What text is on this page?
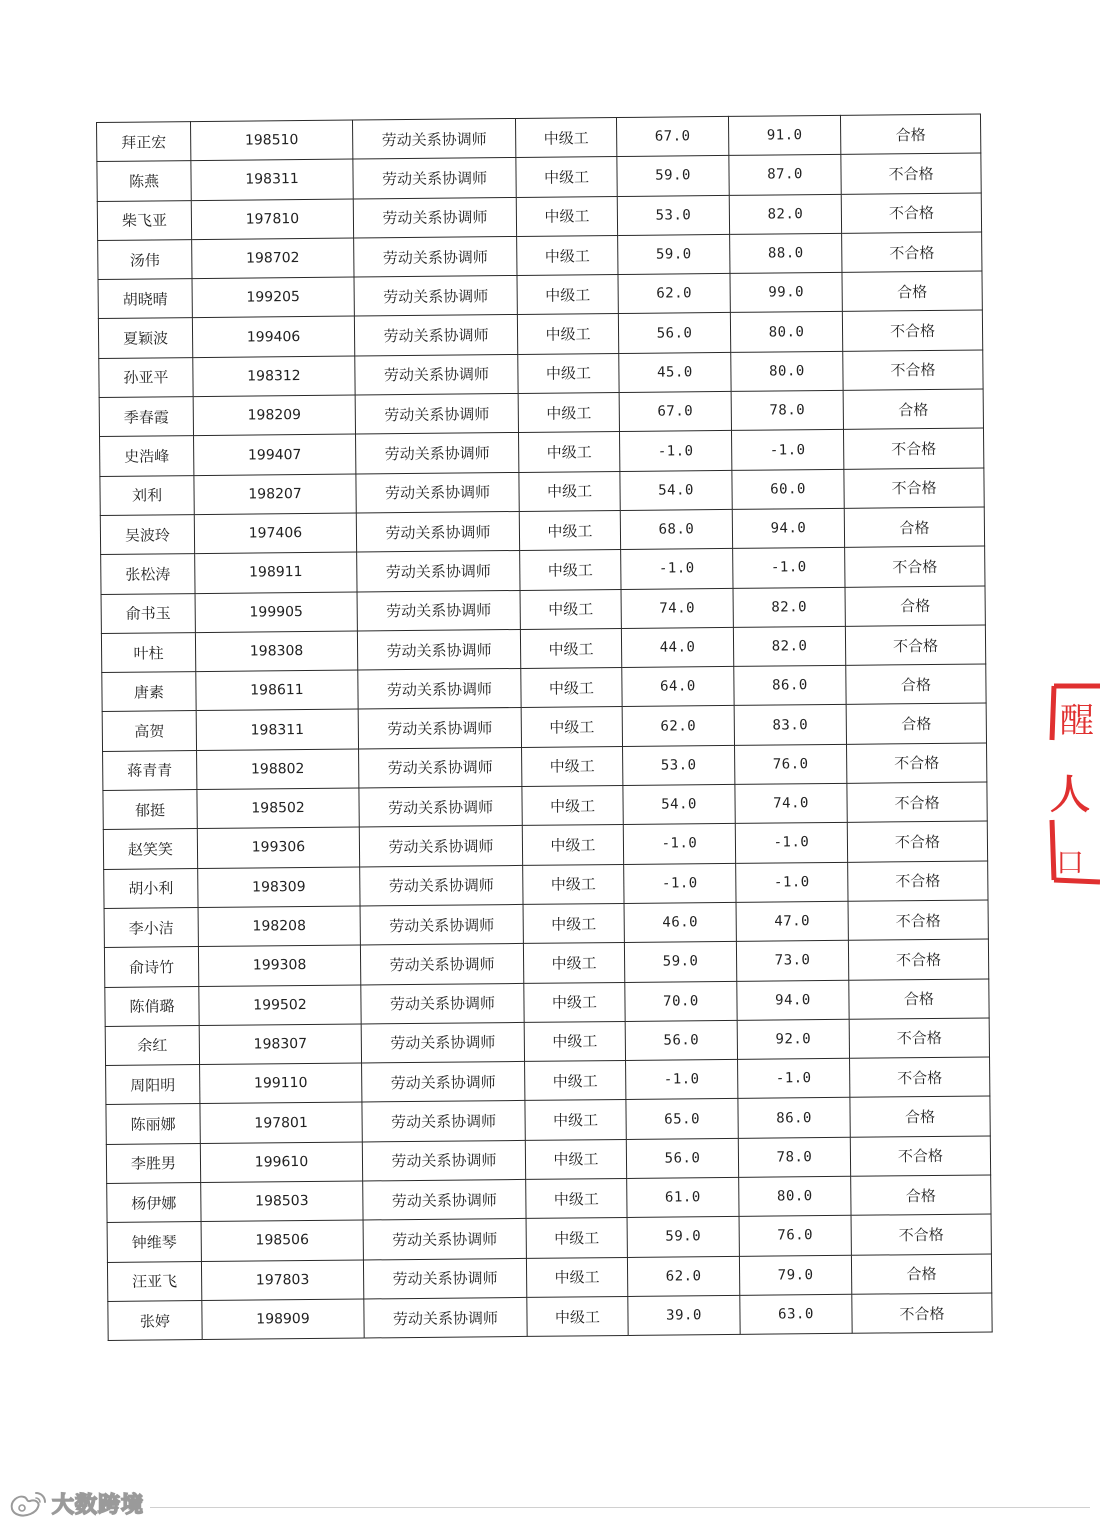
拜正宏	198510	劳动关系协调师	中级工	67.0	91.0	合格
陈燕	198311	劳动关系协调师	中级工	59.0	87.0	不合格
柴飞亚	197810	劳动关系协调师	中级工	53.0	82.0	不合格
汤伟	198702	劳动关系协调师	中级工	59.0	88.0	不合格
胡晓晴	199205	劳动关系协调师	中级工	62.0	99.0	合格
夏颖波	199406	劳动关系协调师	中级工	56.0	80.0	不合格
孙亚平	198312	劳动关系协调师	中级工	45.0	80.0	不合格
季春霞	198209	劳动关系协调师	中级工	67.0	78.0	合格
史浩峰	199407	劳动关系协调师	中级工	-1.0	-1.0	不合格
刘利	198207	劳动关系协调师	中级工	54.0	60.0	不合格
吴波玲	197406	劳动关系协调师	中级工	68.0	94.0	合格
张松涛	198911	劳动关系协调师	中级工	-1.0	-1.0	不合格
俞书玉	199905	劳动关系协调师	中级工	74.0	82.0	合格
叶柱	198308	劳动关系协调师	中级工	44.0	82.0	不合格
唐素	198611	劳动关系协调师	中级工	64.0	86.0	合格
高贺	198311	劳动关系协调师	中级工	62.0	83.0	合格
蒋青青	198802	劳动关系协调师	中级工	53.0	76.0	不合格
郁挺	198502	劳动关系协调师	中级工	54.0	74.0	不合格
赵笑笑	199306	劳动关系协调师	中级工	-1.0	-1.0	不合格
胡小利	198309	劳动关系协调师	中级工	-1.0	-1.0	不合格
李小洁	198208	劳动关系协调师	中级工	46.0	47.0	不合格
俞诗竹	199308	劳动关系协调师	中级工	59.0	73.0	不合格
陈俏璐	199502	劳动关系协调师	中级工	70.0	94.0	合格
余红	198307	劳动关系协调师	中级工	56.0	92.0	不合格
周阳明	199110	劳动关系协调师	中级工	-1.0	-1.0	不合格
陈丽娜	197801	劳动关系协调师	中级工	65.0	86.0	合格
李胜男	199610	劳动关系协调师	中级工	56.0	78.0	不合格
杨伊娜	198503	劳动关系协调师	中级工	61.0	80.0	合格
钟维琴	198506	劳动关系协调师	中级工	59.0	76.0	不合格
汪亚飞	197803	劳动关系协调师	中级工	62.0	79.0	合格
张婷	198909	劳动关系协调师	中级工	39.0	63.0	不合格
醒
人
口
大数跨境
